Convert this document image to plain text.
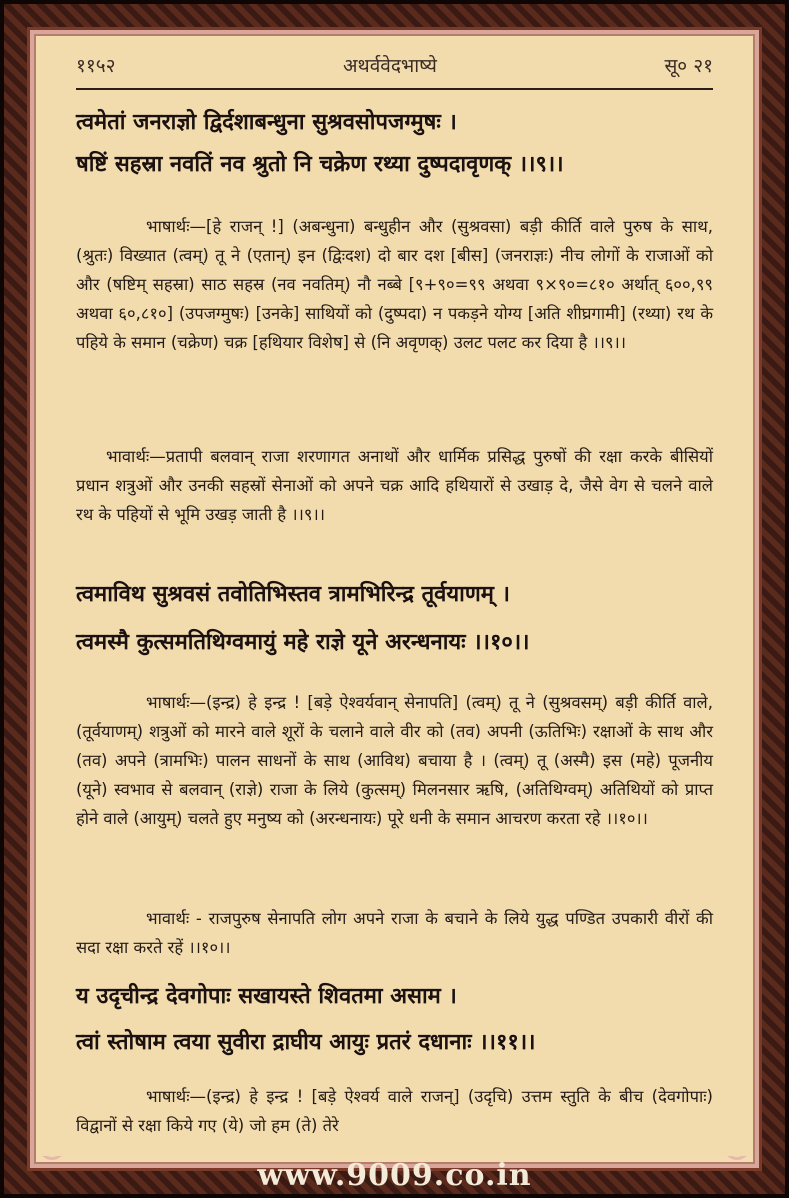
११५२	अथर्ववेदभाष्ये	सू० २१
त्वमेतां जनराज्ञो द्विर्दशाबन्धुना सुश्रवसोपजग्मुषः ।
षष्टिं सहस्रा नवतिं नव श्रुतो नि चक्रेण रथ्या दुष्पदावृणक् ।।९।।
भाषार्थः—[हे राजन् !] (अबन्धुना) बन्धुहीन और (सुश्रवसा) बड़ी कीर्ति वाले पुरुष के साथ, (श्रुतः) विख्यात (त्वम्) तू ने (एतान्) इन (द्विःदश) दो बार दश [बीस] (जनराज्ञः) नीच लोगों के राजाओं को और (षष्टिम् सहस्रा) साठ सहस्र (नव नवतिम्) नौ नब्बे [९+९०=९९ अथवा ९×९०=८१० अर्थात् ६००,९९ अथवा ६०,८१०] (उपजग्मुषः) [उनके] साथियों को (दुष्पदा) न पकड़ने योग्य [अति शीघ्रगामी] (रथ्या) रथ के पहिये के समान (चक्रेण) चक्र [हथियार विशेष] से (नि अवृणक्) उलट पलट कर दिया है ।।९।।
भावार्थः—प्रतापी बलवान् राजा शरणागत अनाथों और धार्मिक प्रसिद्ध पुरुषों की रक्षा करके बीसियों प्रधान शत्रुओं और उनकी सहस्रों सेनाओं को अपने चक्र आदि हथियारों से उखाड़ दे, जैसे वेग से चलने वाले रथ के पहियों से भूमि उखड़ जाती है ।।९।।
त्वमाविथ सुश्रवसं तवोतिभिस्तव त्रामभिरिन्द्र तूर्वयाणम् ।
त्वमस्मै कुत्समतिथिग्वमायुं महे राज्ञे यूने अरन्धनायः ।।१०।।
भाषार्थः—(इन्द्र) हे इन्द्र ! [बड़े ऐश्वर्यवान् सेनापति] (त्वम्) तू ने (सुश्रवसम्) बड़ी कीर्ति वाले, (तूर्वयाणम्) शत्रुओं को मारने वाले शूरों के चलाने वाले वीर को (तव) अपनी (ऊतिभिः) रक्षाओं के साथ और (तव) अपने (त्रामभिः) पालन साधनों के साथ (आविथ) बचाया है । (त्वम्) तू (अस्मै) इस (महे) पूजनीय (यूने) स्वभाव से बलवान् (राज्ञे) राजा के लिये (कुत्सम्) मिलनसार ऋषि, (अतिथिग्वम्) अतिथियों को प्राप्त होने वाले (आयुम्) चलते हुए मनुष्य को (अरन्धनायः) पूरे धनी के समान आचरण करता रहे ।।१०।।
भावार्थः - राजपुरुष सेनापति लोग अपने राजा के बचाने के लिये युद्ध पण्डित उपकारी वीरों की सदा रक्षा करते रहें ।।१०।।
य उदृचीन्द्र देवगोपाः सखायस्ते शिवतमा असाम ।
त्वां स्तोषाम त्वया सुवीरा द्राघीय आयुः प्रतरं दधानाः ।।११।।
भाषार्थः—(इन्द्र) हे इन्द्र ! [बड़े ऐश्वर्य वाले राजन्] (उदृचि) उत्तम स्तुति के बीच (देवगोपाः) विद्वानों से रक्षा किये गए (ये) जो हम (ते) तेरे
www.9009.co.in
